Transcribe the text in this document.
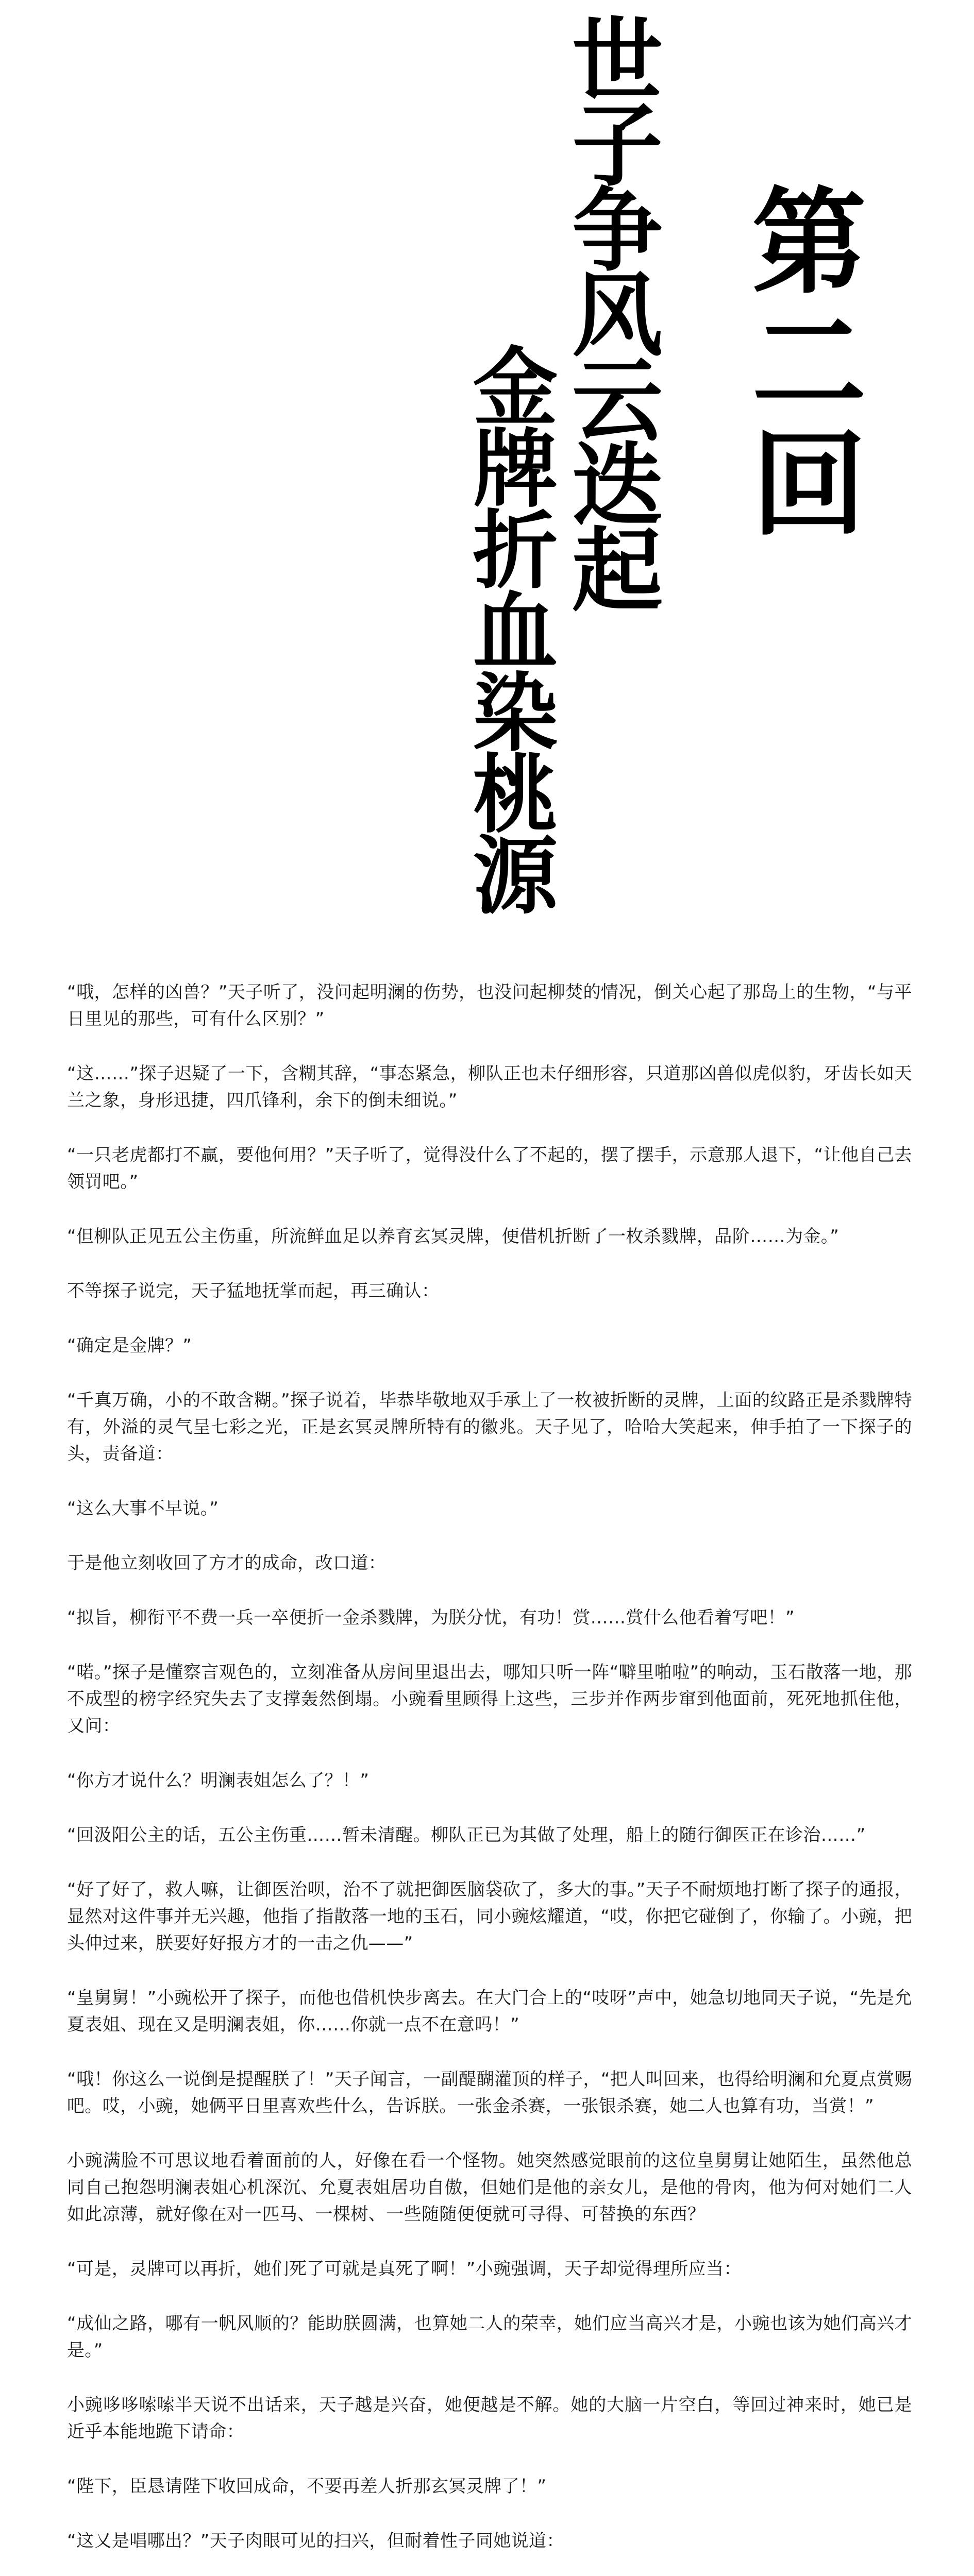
世
子
争
风
云
迭
起
金
牌
折
血
染
桃
源
第
二
回

“哦，怎样的凶兽？”天子听了，没问起明澜的伤势，也没问起柳焚的情况，倒关心起了那岛上的生物，“与平日里见的那些，可有什么区别？”

“这……”探子迟疑了一下，含糊其辞，“事态紧急，柳队正也未仔细形容，只道那凶兽似虎似豹，牙齿长如天兰之象，身形迅捷，四爪锋利，余下的倒未细说。”

“一只老虎都打不赢，要他何用？”天子听了，觉得没什么了不起的，摆了摆手，示意那人退下，“让他自己去领罚吧。”

“但柳队正见五公主伤重，所流鲜血足以养育玄冥灵牌，便借机折断了一枚杀戮牌，品阶……为金。”

不等探子说完，天子猛地抚掌而起，再三确认：

“确定是金牌？”

“千真万确，小的不敢含糊。”探子说着，毕恭毕敬地双手承上了一枚被折断的灵牌，上面的纹路正是杀戮牌特有，外溢的灵气呈七彩之光，正是玄冥灵牌所特有的徽兆。天子见了，哈哈大笑起来，伸手拍了一下探子的头，责备道：

“这么大事不早说。”

于是他立刻收回了方才的成命，改口道：

“拟旨，柳衔平不费一兵一卒便折一金杀戮牌，为朕分忧，有功！赏……赏什么他看着写吧！”

“喏。”探子是懂察言观色的，立刻准备从房间里退出去，哪知只听一阵“噼里啪啦”的响动，玉石散落一地，那不成型的榜字经究失去了支撑轰然倒塌。小豌看里顾得上这些，三步并作两步窜到他面前，死死地抓住他，又问：

“你方才说什么？明澜表姐怎么了？！”

“回汲阳公主的话，五公主伤重……暂未清醒。柳队正已为其做了处理，船上的随行御医正在诊治……”

“好了好了，救人嘛，让御医治呗，治不了就把御医脑袋砍了，多大的事。”天子不耐烦地打断了探子的通报，显然对这件事并无兴趣，他指了指散落一地的玉石，同小豌炫耀道，“哎，你把它碰倒了，你输了。小豌，把头伸过来，朕要好好报方才的一击之仇——”

“皇舅舅！”小豌松开了探子，而他也借机快步离去。在大门合上的“吱呀”声中，她急切地同天子说，“先是允夏表姐、现在又是明澜表姐，你……你就一点不在意吗！”

“哦！你这么一说倒是提醒朕了！”天子闻言，一副醍醐灌顶的样子，“把人叫回来，也得给明澜和允夏点赏赐吧。哎，小豌，她俩平日里喜欢些什么，告诉朕。一张金杀赛，一张银杀赛，她二人也算有功，当赏！”

小豌满脸不可思议地看着面前的人，好像在看一个怪物。她突然感觉眼前的这位皇舅舅让她陌生，虽然他总同自己抱怨明澜表姐心机深沉、允夏表姐居功自傲，但她们是他的亲女儿，是他的骨肉，他为何对她们二人如此凉薄，就好像在对一匹马、一棵树、一些随随便便就可寻得、可替换的东西？

“可是，灵牌可以再折，她们死了可就是真死了啊！”小豌强调，天子却觉得理所应当：

“成仙之路，哪有一帆风顺的？能助朕圆满，也算她二人的荣幸，她们应当高兴才是，小豌也该为她们高兴才是。”

小豌哆哆嗦嗦半天说不出话来，天子越是兴奋，她便越是不解。她的大脑一片空白，等回过神来时，她已是近乎本能地跪下请命：

“陛下，臣恳请陛下收回成命，不要再差人折那玄冥灵牌了！”

“这又是唱哪出？”天子肉眼可见的扫兴，但耐着性子同她说道：
